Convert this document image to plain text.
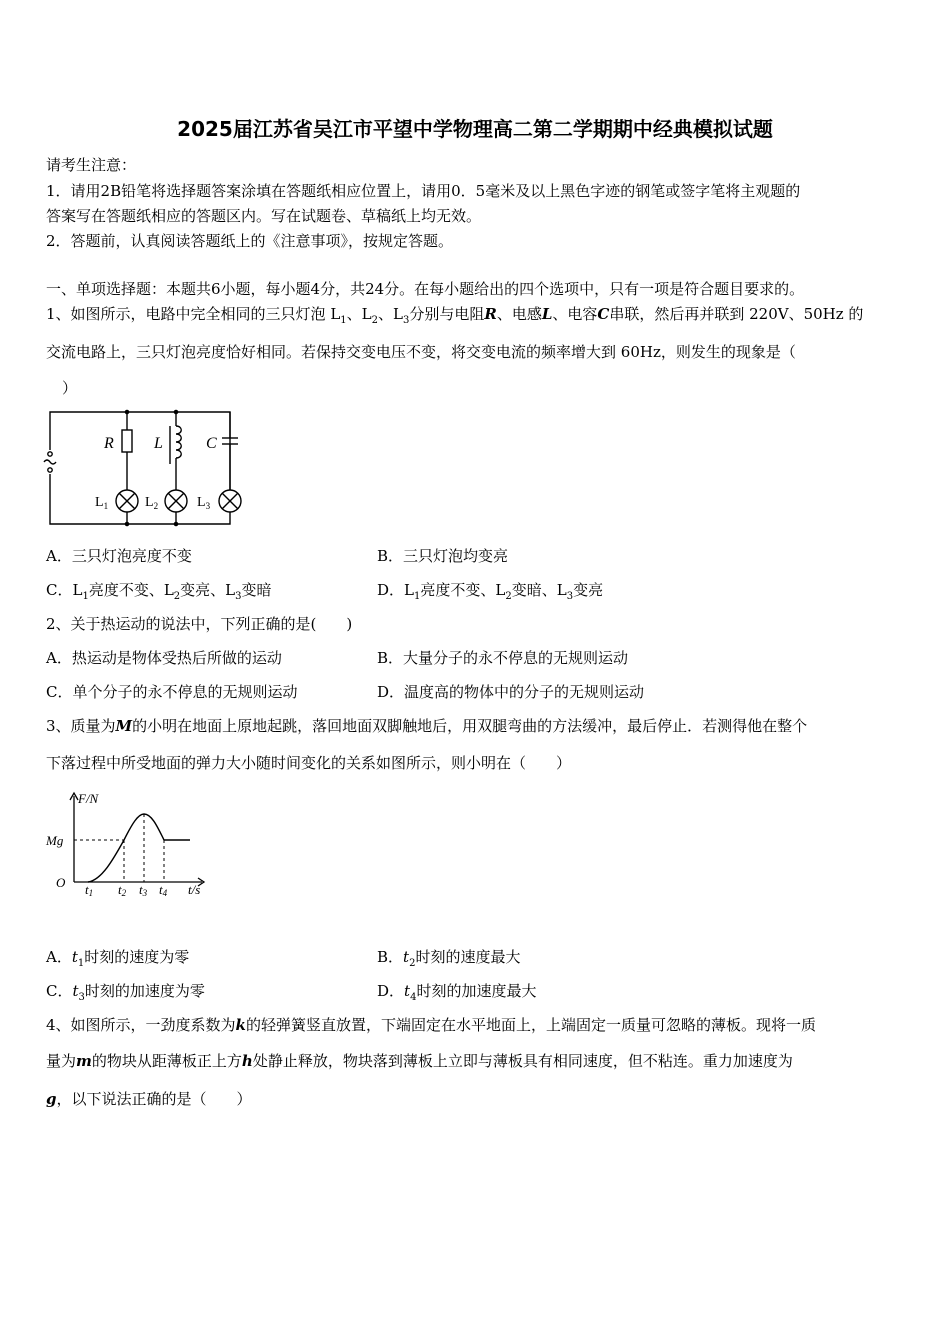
2025届江苏省吴江市平望中学物理高二第二学期期中经典模拟试题
请考生注意：
1．请用2B铅笔将选择题答案涂填在答题纸相应位置上，请用0．5毫米及以上黑色字迹的钢笔或签字笔将主观题的
答案写在答题纸相应的答题区内。写在试题卷、草稿纸上均无效。
2．答题前，认真阅读答题纸上的《注意事项》，按规定答题。
一、单项选择题：本题共6小题，每小题4分，共24分。在每小题给出的四个选项中，只有一项是符合题目要求的。
1、如图所示，电路中完全相同的三只灯泡 $L_1$、$L_2$、$L_3$分别与电阻R、电感L、电容C串联，然后再并联到 220V、50Hz 的
交流电路上，三只灯泡亮度恰好相同。若保持交变电压不变，将交变电流的频率增大到 60Hz，则发生的现象是（
）
R	L	C
$L_1$	$L_2$	$L_3$
A．三只灯泡亮度不变	B．三只灯泡均变亮
C．$L_1$亮度不变、$L_2$变亮、$L_3$变暗	D．$L_1$亮度不变、$L_2$变暗、$L_3$变亮
2、关于热运动的说法中，下列正确的是(　　)
A．热运动是物体受热后所做的运动	B．大量分子的永不停息的无规则运动
C．单个分子的永不停息的无规则运动	D．温度高的物体中的分子的无规则运动
3、质量为M的小明在地面上原地起跳，落回地面双脚触地后，用双腿弯曲的方法缓冲，最后停止．若测得他在整个
下落过程中所受地面的弹力大小随时间变化的关系如图所示，则小明在（　　）
F/N
Mg
O t1 t2 t3 t4 t/s
A．$t_1$时刻的速度为零	B．$t_2$时刻的速度最大
C．$t_3$时刻的加速度为零	D．$t_4$时刻的加速度最大
4、如图所示，一劲度系数为k的轻弹簧竖直放置，下端固定在水平地面上，上端固定一质量可忽略的薄板。现将一质
量为m的物块从距薄板正上方h处静止释放，物块落到薄板上立即与薄板具有相同速度，但不粘连。重力加速度为
g，以下说法正确的是（　　）
